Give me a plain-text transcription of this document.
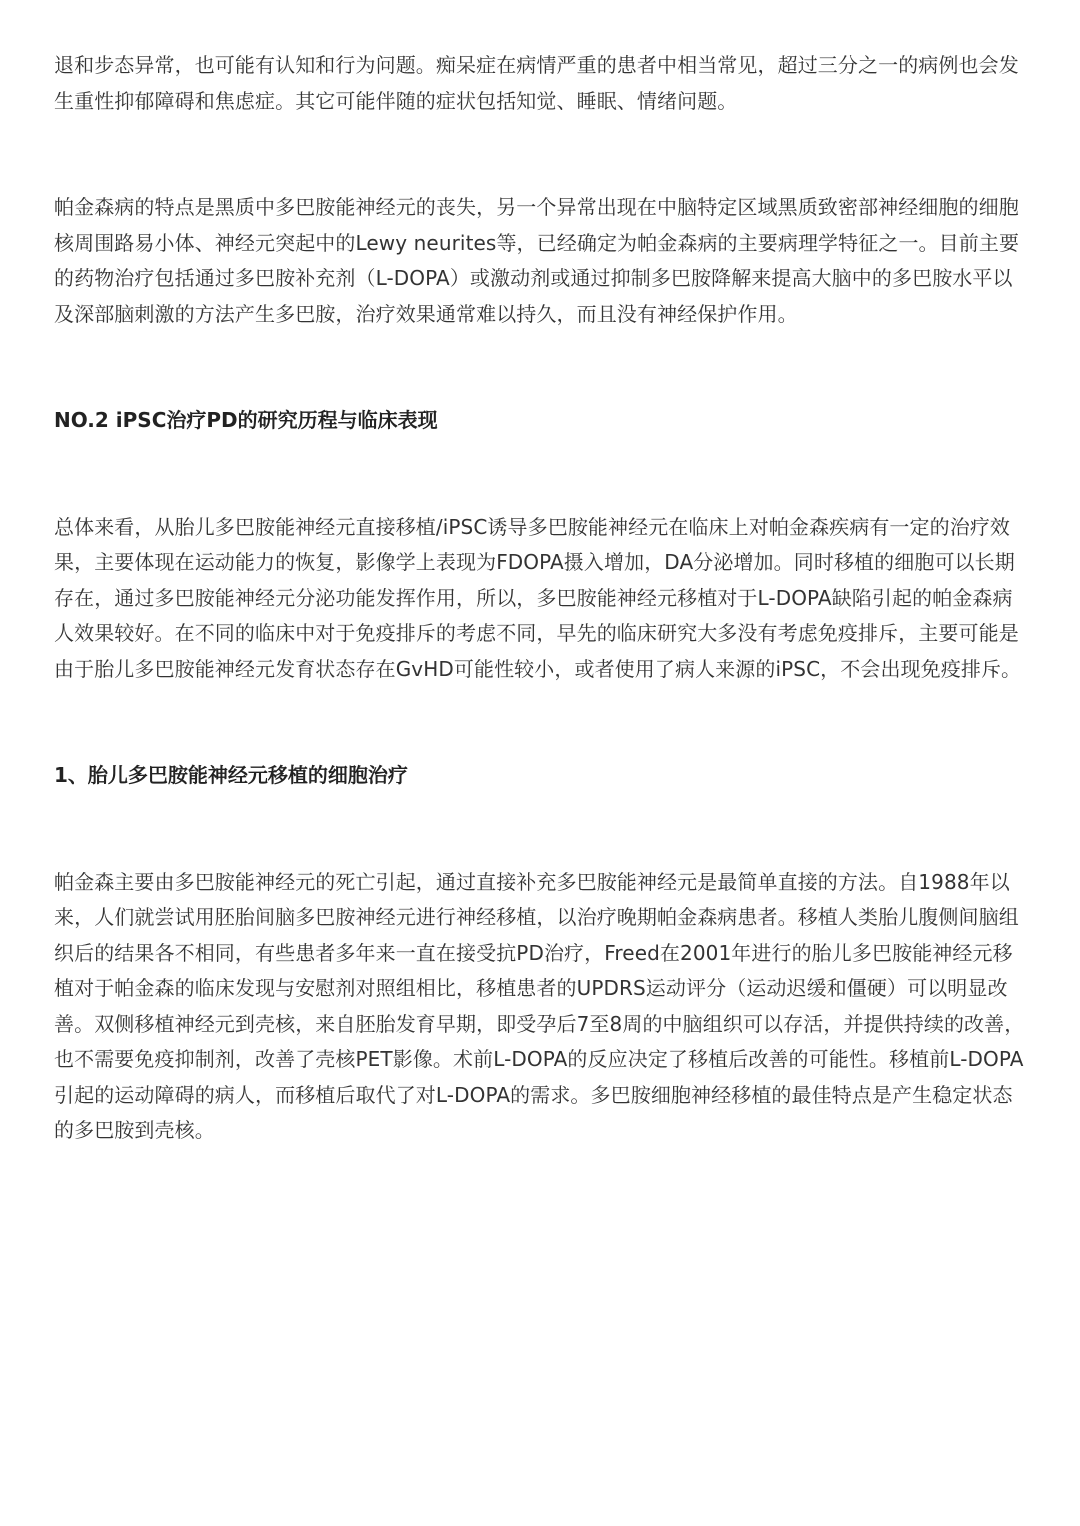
退和步态异常，也可能有认知和行为问题。痴呆症在病情严重的患者中相当常见，超过三分之一的病例也会发生重性抑郁障碍和焦虑症。其它可能伴随的症状包括知觉、睡眠、情绪问题。

帕金森病的特点是黑质中多巴胺能神经元的丧失，另一个异常出现在中脑特定区域黑质致密部神经细胞的细胞核周围路易小体、神经元突起中的Lewy neurites等，已经确定为帕金森病的主要病理学特征之一。目前主要的药物治疗包括通过多巴胺补充剂（L-DOPA）或激动剂或通过抑制多巴胺降解来提高大脑中的多巴胺水平以及深部脑刺激的方法产生多巴胺，治疗效果通常难以持久，而且没有神经保护作用。

NO.2 iPSC治疗PD的研究历程与临床表现

总体来看，从胎儿多巴胺能神经元直接移植/iPSC诱导多巴胺能神经元在临床上对帕金森疾病有一定的治疗效果，主要体现在运动能力的恢复，影像学上表现为FDOPA摄入增加，DA分泌增加。同时移植的细胞可以长期存在，通过多巴胺能神经元分泌功能发挥作用，所以，多巴胺能神经元移植对于L-DOPA缺陷引起的帕金森病人效果较好。在不同的临床中对于免疫排斥的考虑不同，早先的临床研究大多没有考虑免疫排斥，主要可能是由于胎儿多巴胺能神经元发育状态存在GvHD可能性较小，或者使用了病人来源的iPSC，不会出现免疫排斥。

1、胎儿多巴胺能神经元移植的细胞治疗

帕金森主要由多巴胺能神经元的死亡引起，通过直接补充多巴胺能神经元是最简单直接的方法。自1988年以来，人们就尝试用胚胎间脑多巴胺神经元进行神经移植，以治疗晚期帕金森病患者。移植人类胎儿腹侧间脑组织后的结果各不相同，有些患者多年来一直在接受抗PD治疗，Freed在2001年进行的胎儿多巴胺能神经元移植对于帕金森的临床发现与安慰剂对照组相比，移植患者的UPDRS运动评分（运动迟缓和僵硬）可以明显改善。双侧移植神经元到壳核，来自胚胎发育早期，即受孕后7至8周的中脑组织可以存活，并提供持续的改善，也不需要免疫抑制剂，改善了壳核PET影像。术前L-DOPA的反应决定了移植后改善的可能性。移植前L-DOPA引起的运动障碍的病人，而移植后取代了对L-DOPA的需求。多巴胺细胞神经移植的最佳特点是产生稳定状态的多巴胺到壳核。
